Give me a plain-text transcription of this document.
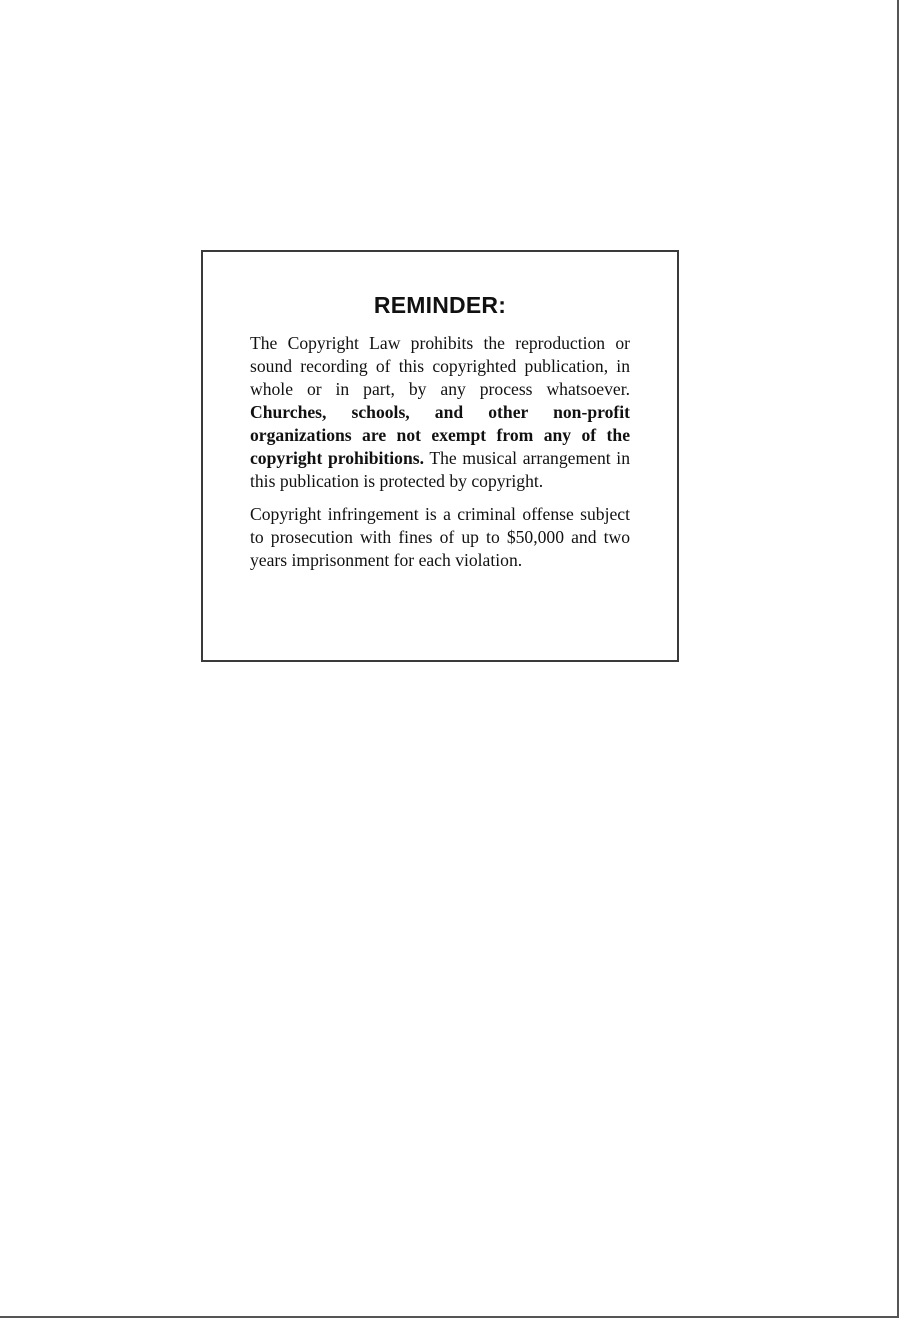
REMINDER:

The Copyright Law prohibits the reproduction or sound recording of this copyrighted publication, in whole or in part, by any process whatsoever. Churches, schools, and other non-profit organizations are not exempt from any of the copyright prohibitions. The musical arrangement in this publication is protected by copyright.

Copyright infringement is a criminal offense subject to prosecution with fines of up to $50,000 and two years imprisonment for each violation.
